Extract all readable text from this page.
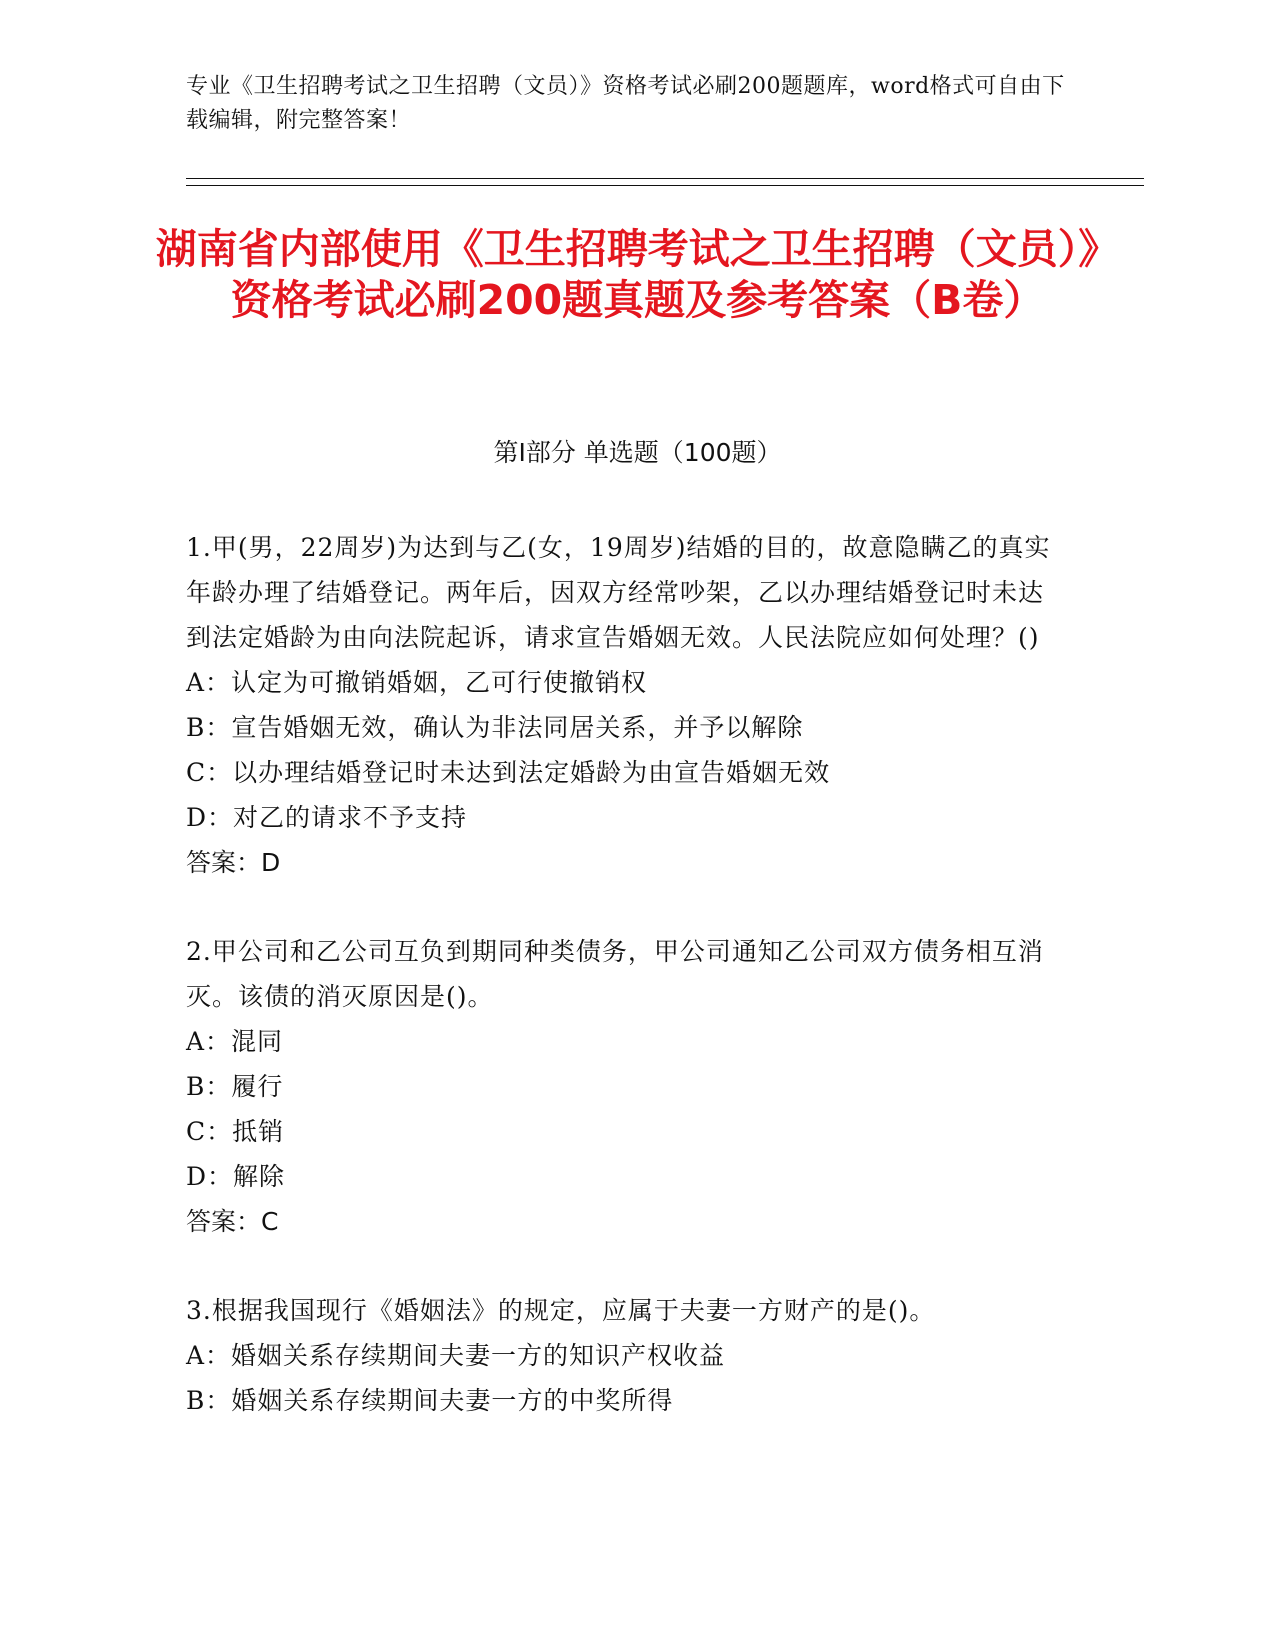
专业《卫生招聘考试之卫生招聘（文员）》资格考试必刷200题题库，word格式可自由下载编辑，附完整答案！
湖南省内部使用《卫生招聘考试之卫生招聘（文员）》资格考试必刷200题真题及参考答案（B卷）
第Ⅰ部分 单选题（100题）
1.甲(男，22周岁)为达到与乙(女，19周岁)结婚的目的，故意隐瞒乙的真实年龄办理了结婚登记。两年后，因双方经常吵架，乙以办理结婚登记时未达到法定婚龄为由向法院起诉，请求宣告婚姻无效。人民法院应如何处理？()
A：认定为可撤销婚姻，乙可行使撤销权
B：宣告婚姻无效，确认为非法同居关系，并予以解除
C：以办理结婚登记时未达到法定婚龄为由宣告婚姻无效
D：对乙的请求不予支持
答案：D
2.甲公司和乙公司互负到期同种类债务，甲公司通知乙公司双方债务相互消灭。该债的消灭原因是()。
A：混同
B：履行
C：抵销
D：解除
答案：C
3.根据我国现行《婚姻法》的规定，应属于夫妻一方财产的是()。
A：婚姻关系存续期间夫妻一方的知识产权收益
B：婚姻关系存续期间夫妻一方的中奖所得
